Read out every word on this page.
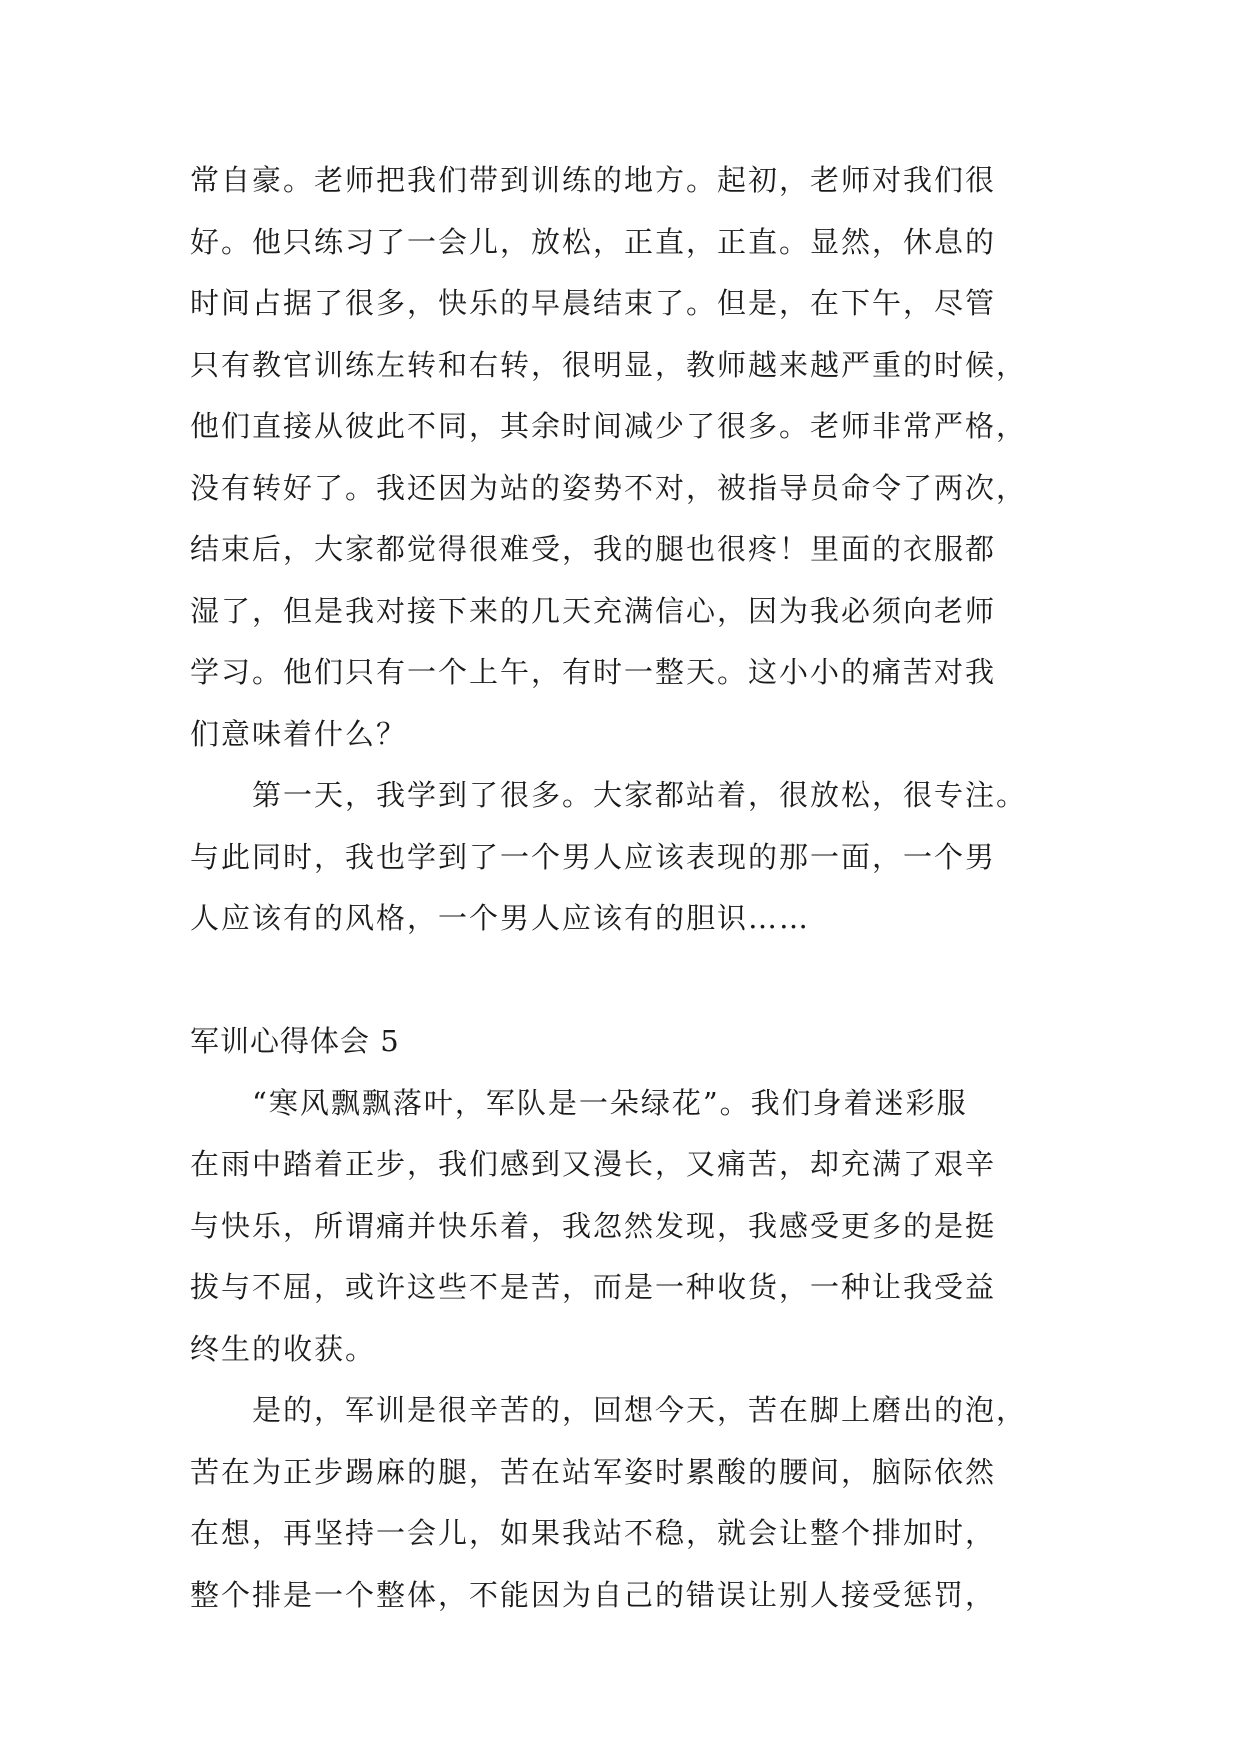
常自豪。老师把我们带到训练的地方。起初，老师对我们很
好。他只练习了一会儿，放松，正直，正直。显然，休息的
时间占据了很多，快乐的早晨结束了。但是，在下午，尽管
只有教官训练左转和右转，很明显，教师越来越严重的时候，
他们直接从彼此不同，其余时间减少了很多。老师非常严格，
没有转好了。我还因为站的姿势不对，被指导员命令了两次，
结束后，大家都觉得很难受，我的腿也很疼！里面的衣服都
湿了，但是我对接下来的几天充满信心，因为我必须向老师
学习。他们只有一个上午，有时一整天。这小小的痛苦对我
们意味着什么？
第一天，我学到了很多。大家都站着，很放松，很专注。
与此同时，我也学到了一个男人应该表现的那一面，一个男
人应该有的风格，一个男人应该有的胆识……
军训心得体会 5
“寒风飘飘落叶，军队是一朵绿花”。我们身着迷彩服
在雨中踏着正步，我们感到又漫长，又痛苦，却充满了艰辛
与快乐，所谓痛并快乐着，我忽然发现，我感受更多的是挺
拔与不屈，或许这些不是苦，而是一种收货，一种让我受益
终生的收获。
是的，军训是很辛苦的，回想今天，苦在脚上磨出的泡，
苦在为正步踢麻的腿，苦在站军姿时累酸的腰间，脑际依然
在想，再坚持一会儿，如果我站不稳，就会让整个排加时，
整个排是一个整体，不能因为自己的错误让别人接受惩罚，
